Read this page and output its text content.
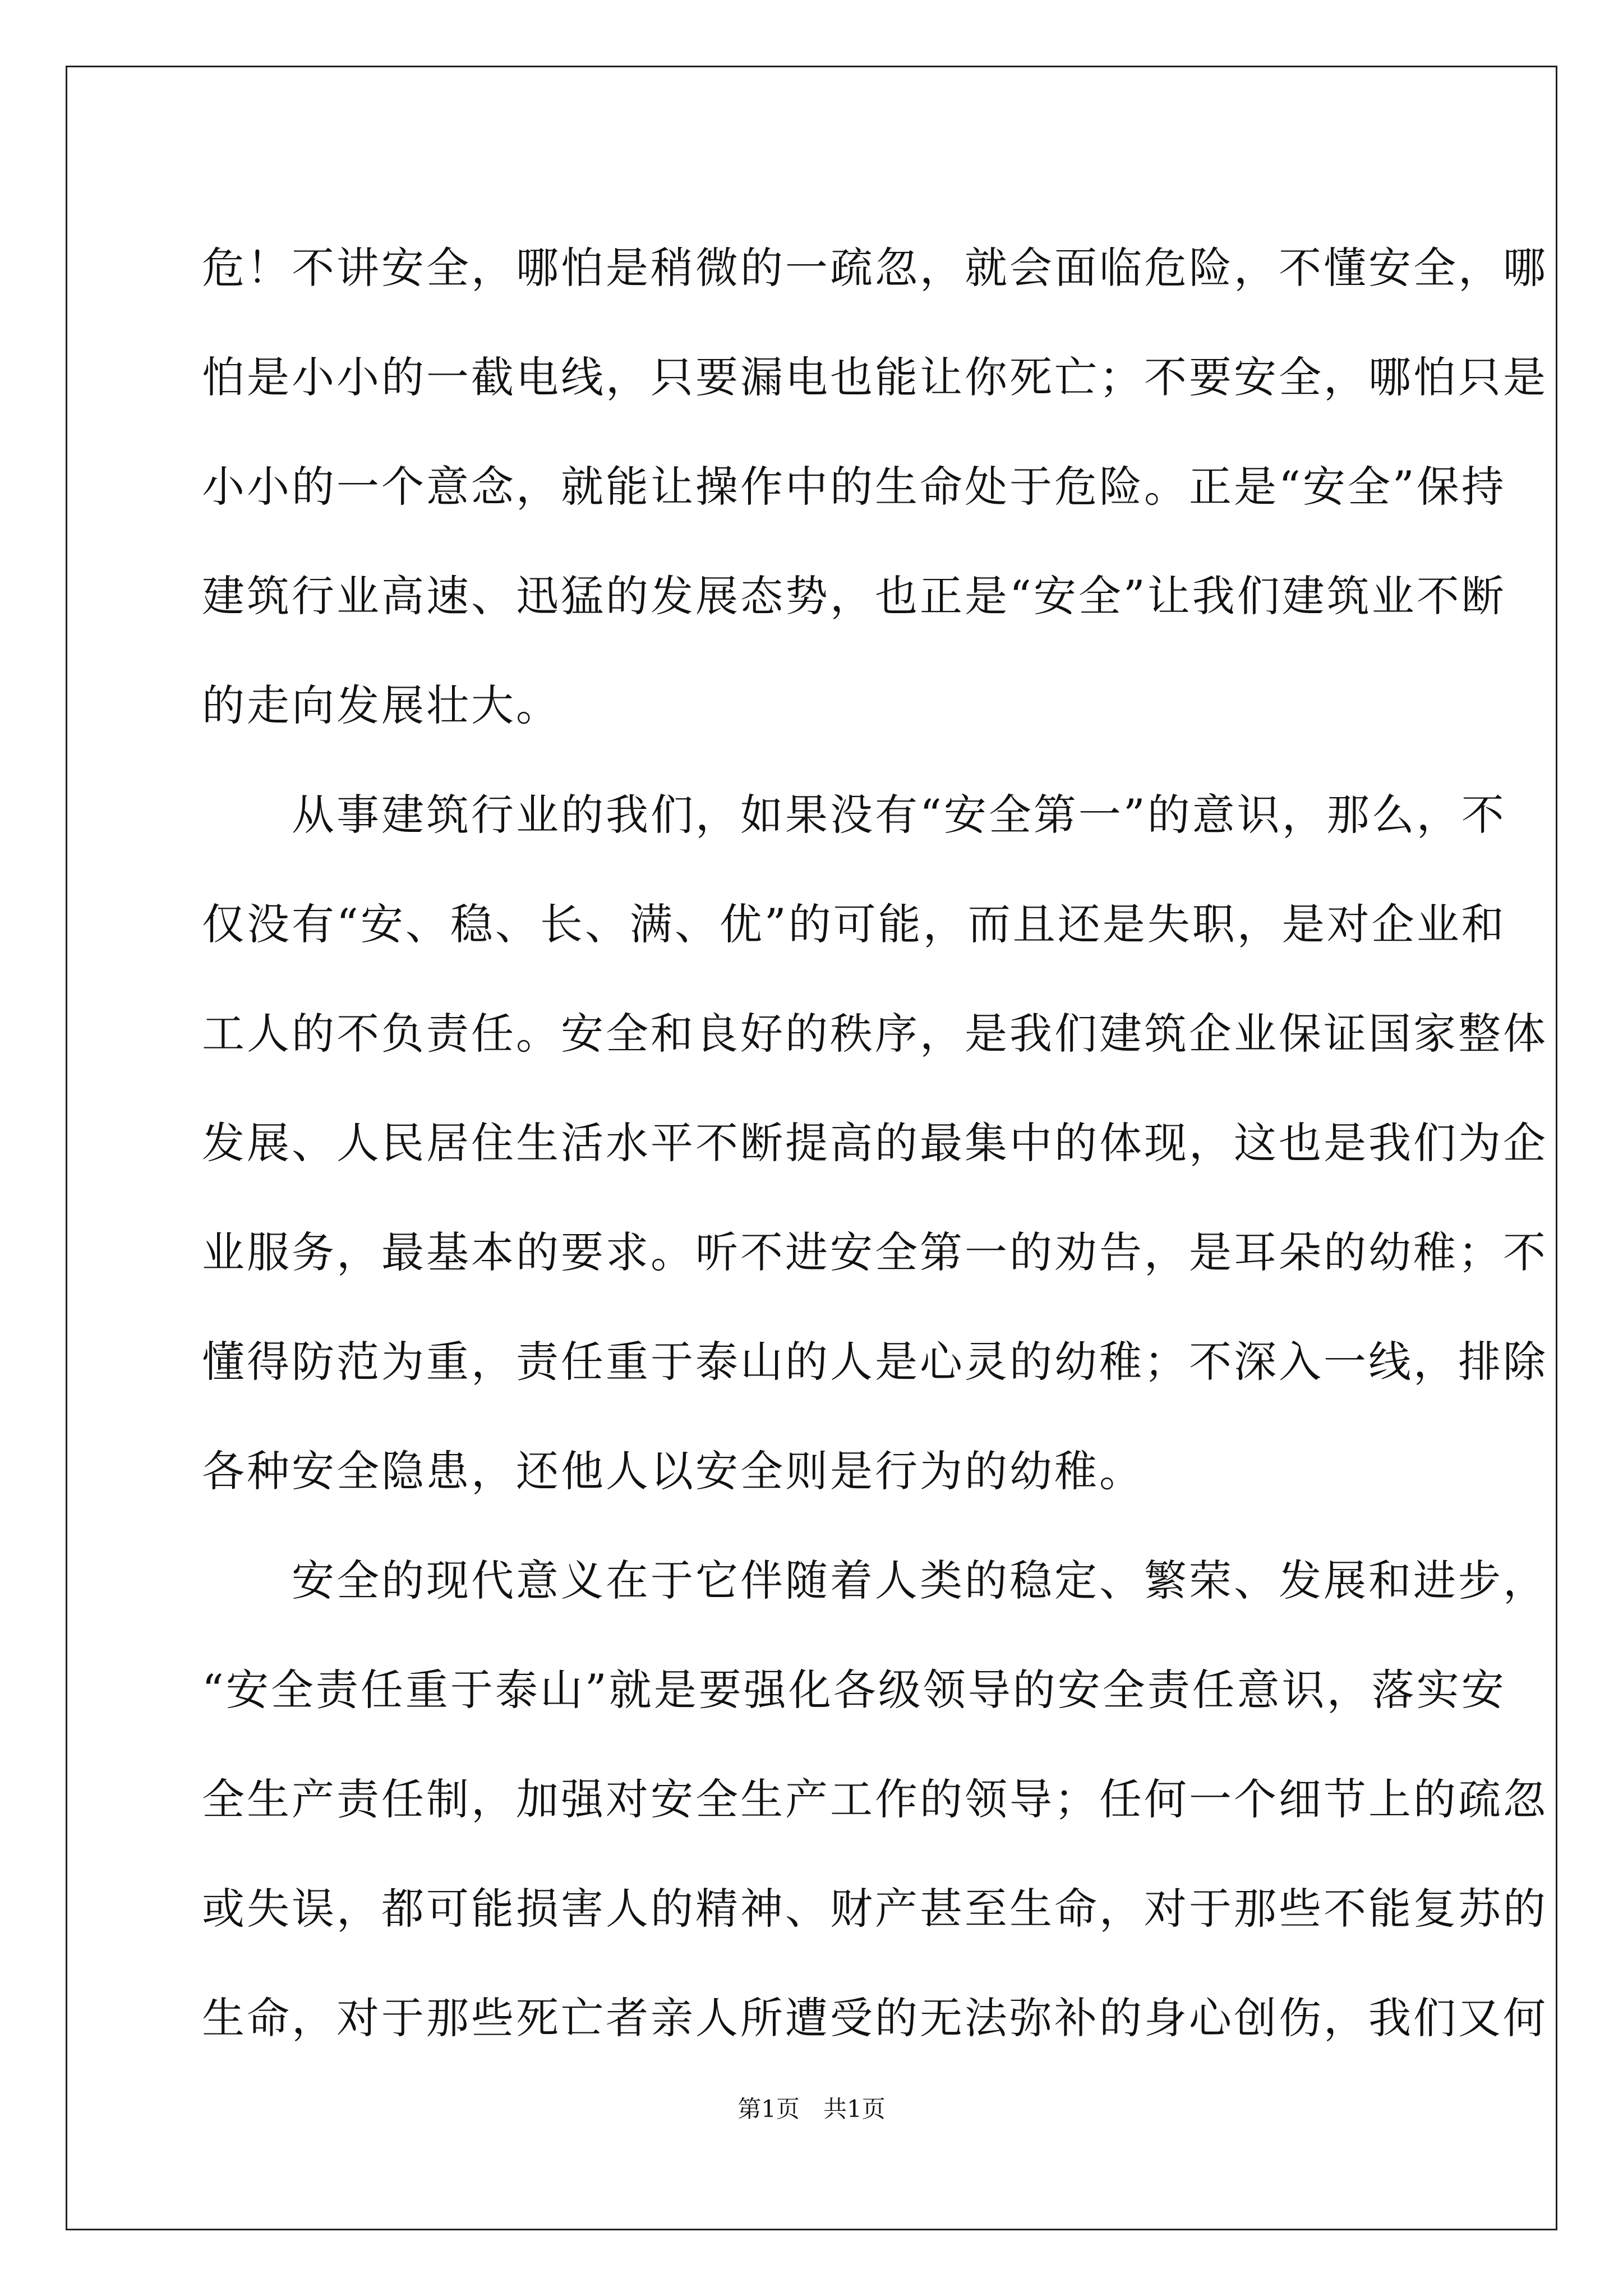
危！不讲安全，哪怕是稍微的一疏忽，就会面临危险，不懂安全，哪
怕是小小的一截电线，只要漏电也能让你死亡；不要安全，哪怕只是
小小的一个意念，就能让操作中的生命处于危险。正是“安全”保持
建筑行业高速、迅猛的发展态势，也正是“安全”让我们建筑业不断
的走向发展壮大。
　　从事建筑行业的我们，如果没有“安全第一”的意识，那么，不
仅没有“安、稳、长、满、优”的可能，而且还是失职，是对企业和
工人的不负责任。安全和良好的秩序，是我们建筑企业保证国家整体
发展、人民居住生活水平不断提高的最集中的体现，这也是我们为企
业服务，最基本的要求。听不进安全第一的劝告，是耳朵的幼稚；不
懂得防范为重，责任重于泰山的人是心灵的幼稚；不深入一线，排除
各种安全隐患，还他人以安全则是行为的幼稚。
　　安全的现代意义在于它伴随着人类的稳定、繁荣、发展和进步，
“安全责任重于泰山”就是要强化各级领导的安全责任意识，落实安
全生产责任制，加强对安全生产工作的领导；任何一个细节上的疏忽
或失误，都可能损害人的精神、财产甚至生命，对于那些不能复苏的
生命，对于那些死亡者亲人所遭受的无法弥补的身心创伤，我们又何
第1页　共1页
